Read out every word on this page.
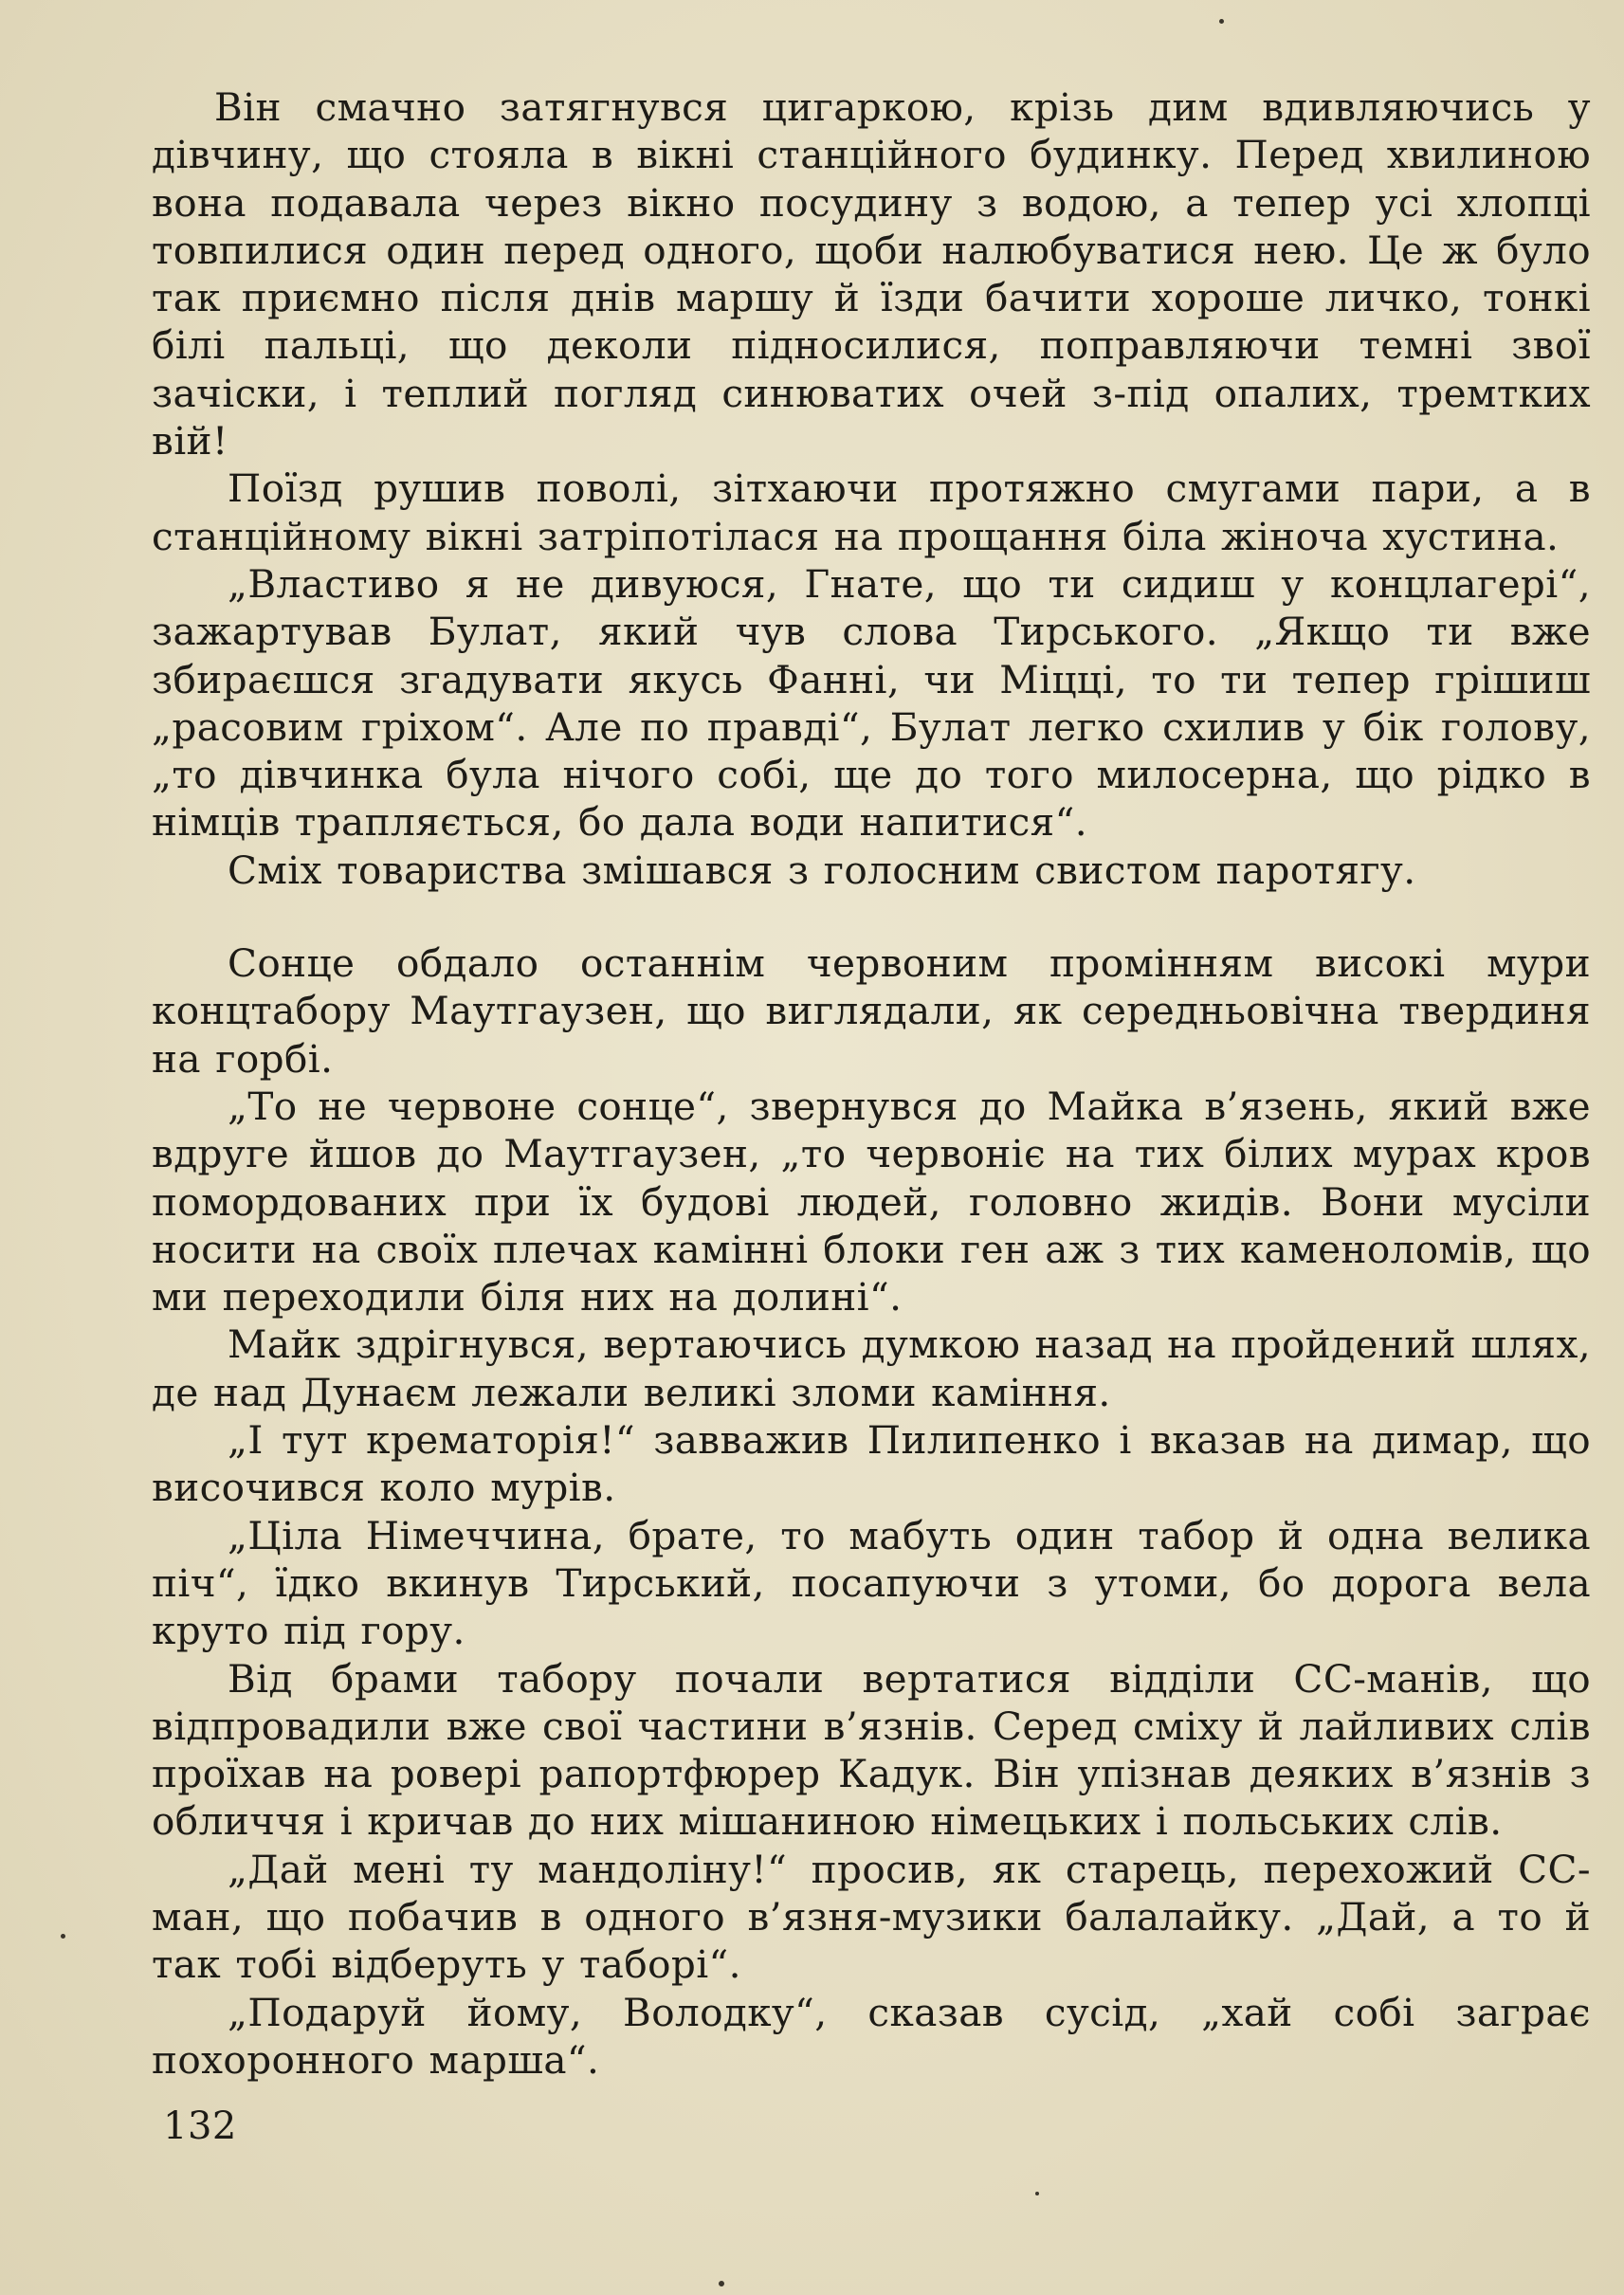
Він смачно затягнувся цигаркою, крізь дим вдивляючись у дівчину, що стояла в вікні станційного будинку. Перед хвилиною вона подавала через вікно посудину з водою, а тепер усі хлопці товпилися один перед одного, щоби налюбуватися нею. Це ж було так приємно після днів маршу й їзди бачити хороше личко, тонкі білі пальці, що деколи підносилися, поправляючи темні звої зачіски, і теплий погляд синюватих очей з-під опалих, тремтких вій!

Поїзд рушив поволі, зітхаючи протяжно смугами пари, а в станційному вікні затріпотілася на прощання біла жіноча хустина.

„Властиво я не дивуюся, Гнате, що ти сидиш у концлагері“, зажартував Булат, який чув слова Тирського. „Якщо ти вже збираєшся згадувати якусь Фанні, чи Міцці, то ти тепер грішиш „расовим гріхом“. Але по правді“, Булат легко схилив у бік голову, „то дівчинка була нічого собі, ще до того милосерна, що рідко в німців трапляється, бо дала води напитися“.

Сміх товариства змішався з голосним свистом паротягу.

Сонце обдало останнім червоним промінням високі мури концтабору Маутгаузен, що виглядали, як середньовічна твердиня на горбі.

„То не червоне сонце“, звернувся до Майка в’язень, який вже вдруге йшов до Маутгаузен, „то червоніє на тих білих мурах кров помордованих при їх будові людей, головно жидів. Вони мусіли носити на своїх плечах камінні блоки ген аж з тих каменоломів, що ми переходили біля них на долині“.

Майк здрігнувся, вертаючись думкою назад на пройдений шлях, де над Дунаєм лежали великі зломи каміння.

„І тут крематорія!“ завважив Пилипенко і вказав на димар, що височився коло мурів.

„Ціла Німеччина, брате, то мабуть один табор й одна велика піч“, їдко вкинув Тирський, посапуючи з утоми, бо дорога вела круто під гору.

Від брами табору почали вертатися відділи СС-манів, що відпровадили вже свої частини в’язнів. Серед сміху й лайливих слів проїхав на ровері рапортфюрер Кадук. Він упізнав деяких в’язнів з обличчя і кричав до них мішаниною німецьких і польських слів.

„Дай мені ту мандоліну!“ просив, як старець, перехожий СС-ман, що побачив в одного в’язня-музики балалайку. „Дай, а то й так тобі відберуть у таборі“.

„Подаруй йому, Володку“, сказав сусід, „хай собі заграє похоронного марша“.

132
